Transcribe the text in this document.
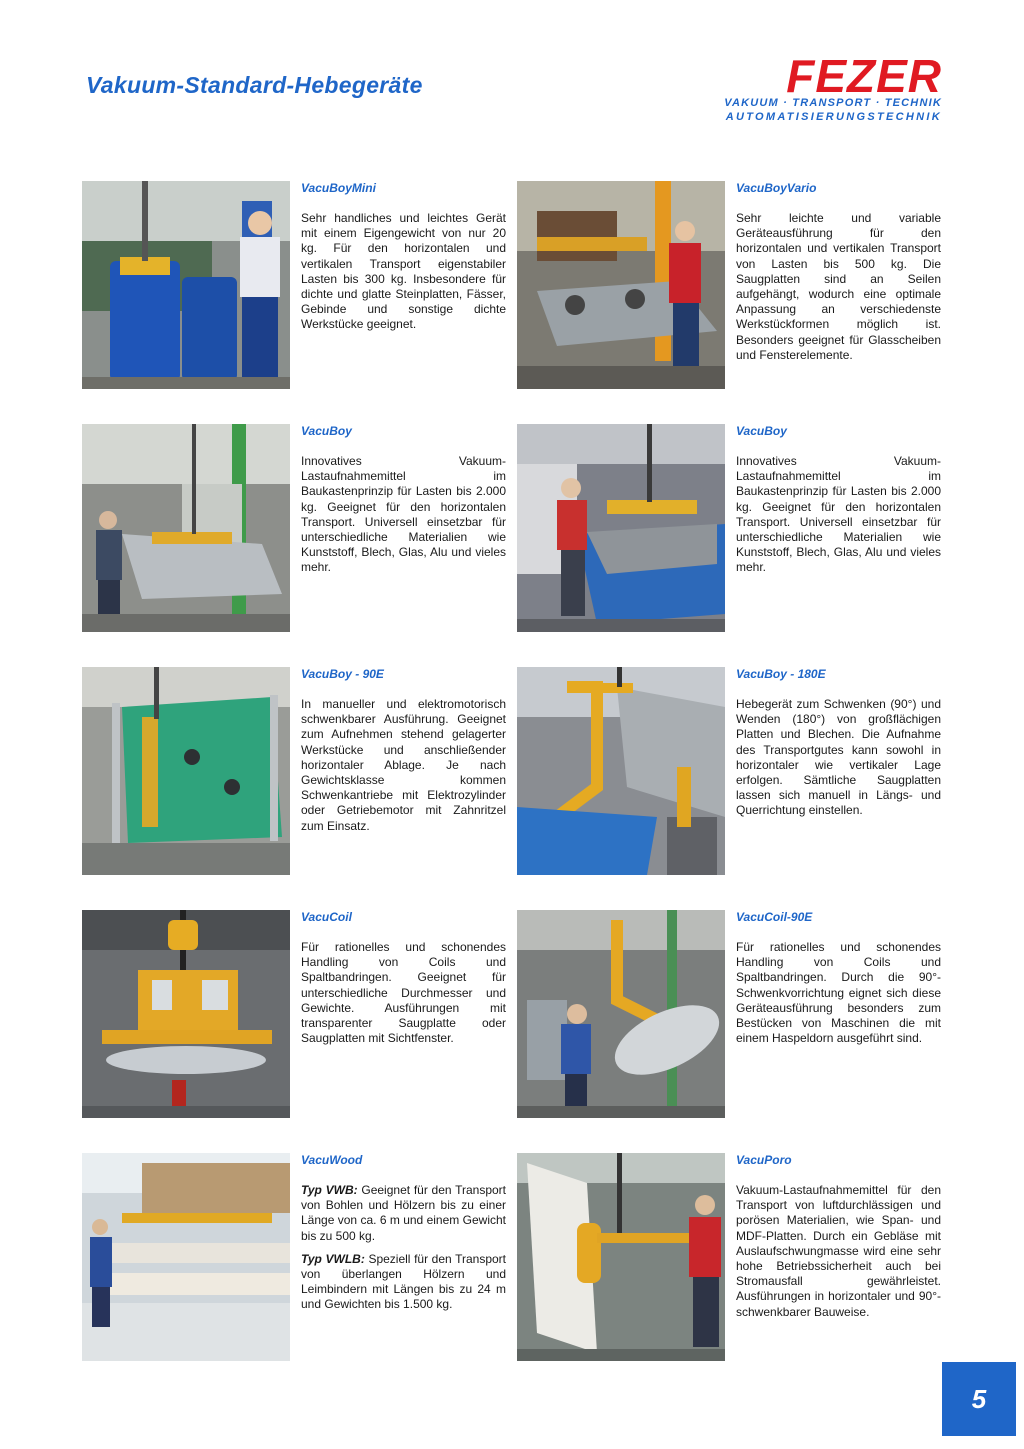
Vakuum-Standard-Hebegeräte	FEZER
VAKUUM · TRANSPORT · TECHNIK
AUTOMATISIERUNGSTECHNIK
VacuBoyMini

Sehr handliches und leichtes Gerät mit einem Eigengewicht von nur 20 kg. Für den horizontalen und vertikalen Transport eigenstabiler Lasten bis 300 kg. Insbesondere für dichte und glatte Steinplatten, Fässer, Gebinde und sonstige dichte Werkstücke geeignet.

VacuBoyVario

Sehr leichte und variable Geräteausführung für den horizontalen und vertikalen Transport von Lasten bis 500 kg. Die Saugplatten sind an Seilen aufgehängt, wodurch eine optimale Anpassung an verschiedenste Werkstückformen möglich ist. Besonders geeignet für Glasscheiben und Fensterelemente.

VacuBoy

Innovatives Vakuum-Lastaufnahmemittel im Baukastenprinzip für Lasten bis 2.000 kg. Geeignet für den horizontalen Transport. Universell einsetzbar für unterschiedliche Materialien wie Kunststoff, Blech, Glas, Alu und vieles mehr.

VacuBoy

Innovatives Vakuum-Lastaufnahmemittel im Baukastenprinzip für Lasten bis 2.000 kg. Geeignet für den horizontalen Transport. Universell einsetzbar für unterschiedliche Materialien wie Kunststoff, Blech, Glas, Alu und vieles mehr.

VacuBoy - 90E

In manueller und elektromotorisch schwenkbarer Ausführung. Geeignet zum Aufnehmen stehend gelagerter Werkstücke und anschließender horizontaler Ablage. Je nach Gewichtsklasse kommen Schwenkantriebe mit Elektrozylinder oder Getriebemotor mit Zahnritzel zum Einsatz.

VacuBoy - 180E

Hebegerät zum Schwenken (90°) und Wenden (180°) von großflächigen Platten und Blechen. Die Aufnahme des Transportgutes kann sowohl in horizontaler wie vertikaler Lage erfolgen. Sämtliche Saugplatten lassen sich manuell in Längs- und Querrichtung einstellen.

VacuCoil

Für rationelles und schonendes Handling von Coils und Spaltbandringen. Geeignet für unterschiedliche Durchmesser und Gewichte. Ausführungen mit transparenter Saugplatte oder Saugplatten mit Sichtfenster.

VacuCoil-90E

Für rationelles und schonendes Handling von Coils und Spaltbandringen. Durch die 90°-Schwenkvorrichtung eignet sich diese Geräteausführung besonders zum Bestücken von Maschinen die mit einem Haspeldorn ausgeführt sind.

VacuWood

Typ VWB: Geeignet für den Transport von Bohlen und Hölzern bis zu einer Länge von ca. 6 m und einem Gewicht bis zu 500 kg.

Typ VWLB: Speziell für den Transport von überlangen Hölzern und Leimbindern mit Längen bis zu 24 m und Gewichten bis 1.500 kg.

VacuPoro

Vakuum-Lastaufnahmemittel für den Transport von luftdurchlässigen und porösen Materialien, wie Span- und MDF-Platten. Durch ein Gebläse mit Auslaufschwungmasse wird eine sehr hohe Betriebssicherheit auch bei Stromausfall gewährleistet. Ausführungen in horizontaler und 90°-schwenkbarer Bauweise.

5
